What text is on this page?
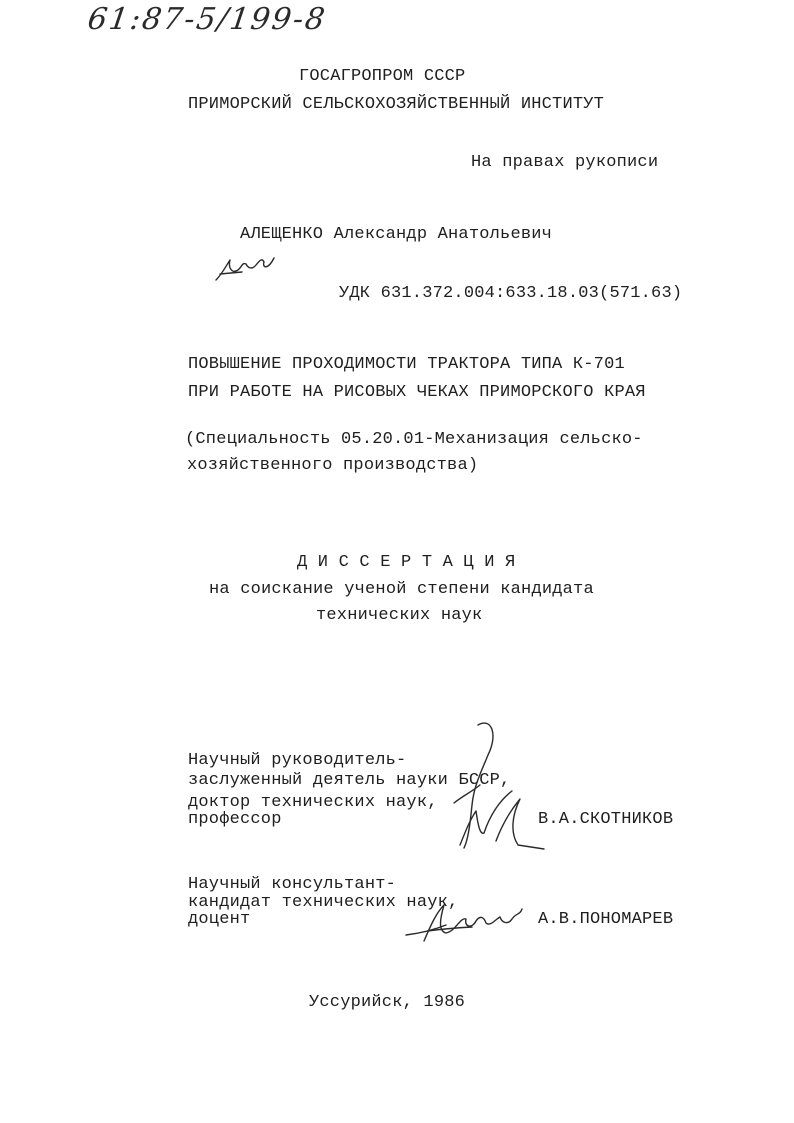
61:87-5/199-8
ГОСАГРОПРОМ СССР
ПРИМОРСКИЙ СЕЛЬСКОХОЗЯЙСТВЕННЫЙ ИНСТИТУТ
На правах рукописи
АЛЕЩЕНКО Александр Анатольевич
УДК 631.372.004:633.18.03(571.63)
ПОВЫШЕНИЕ ПРОХОДИМОСТИ ТРАКТОРА ТИПА К-701
ПРИ РАБОТЕ НА РИСОВЫХ ЧЕКАХ ПРИМОРСКОГО КРАЯ
(Специальность 05.20.01-Механизация сельско-
хозяйственного производства)
Д И С С Е Р Т А Ц И Я
на соискание ученой степени кандидата
технических наук
Научный руководитель-
заслуженный деятель науки БССР,
доктор технических наук,
профессор	В.А.СКОТНИКОВ
Научный консультант-
кандидат технических наук,
доцент	А.В.ПОНОМАРЕВ
Уссурийск, 1986
